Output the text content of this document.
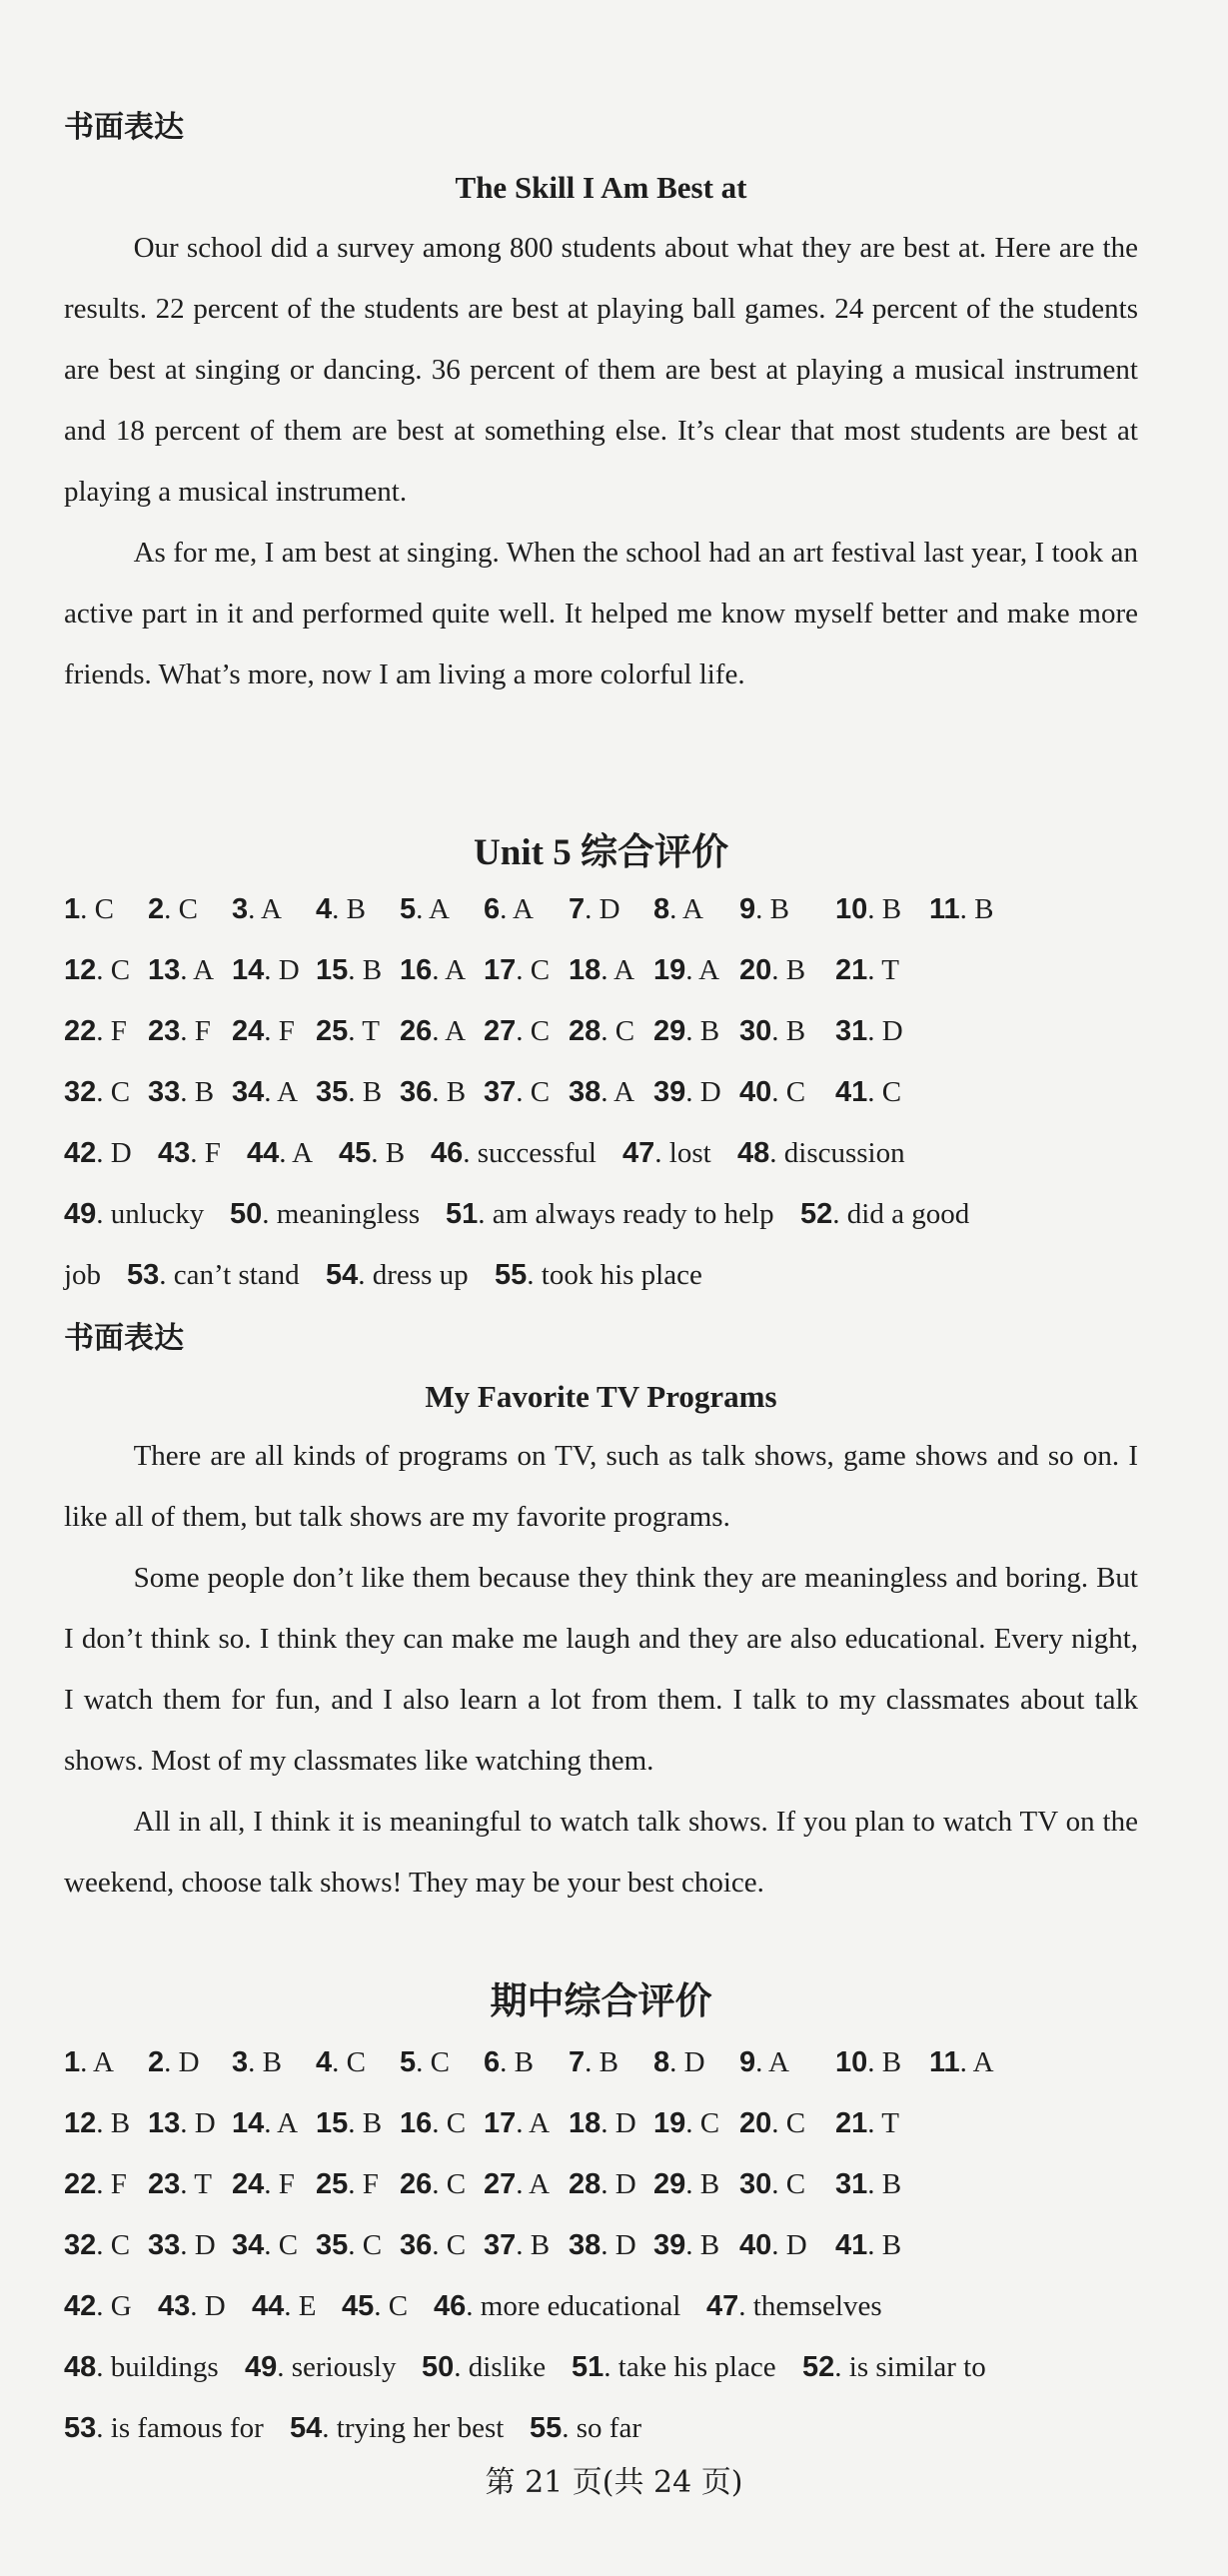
书面表达
The Skill I Am Best at

Our school did a survey among 800 students about what they are best at. Here are the results. 22 percent of the students are best at playing ball games. 24 percent of the students are best at singing or dancing. 36 percent of them are best at playing a musical instrument and 18 percent of them are best at something else. It’s clear that most students are best at playing a musical instrument.

As for me, I am best at singing. When the school had an art festival last year, I took an active part in it and performed quite well. It helped me know myself better and make more friends. What’s more, now I am living a more colorful life.

Unit 5 综合评价
1. C 2. C 3. A 4. B 5. A 6. A 7. D 8. A 9. B 10. B 11. B
12. C 13. A 14. D 15. B 16. A 17. C 18. A 19. A 20. B 21. T
22. F 23. F 24. F 25. T 26. A 27. C 28. C 29. B 30. B 31. D
32. C 33. B 34. A 35. B 36. B 37. C 38. A 39. D 40. C 41. C
42. D 43. F 44. A 45. B 46. successful 47. lost 48. discussion
49. unlucky 50. meaningless 51. am always ready to help 52. did a good
job 53. can’t stand 54. dress up 55. took his place
书面表达
My Favorite TV Programs

There are all kinds of programs on TV, such as talk shows, game shows and so on. I like all of them, but talk shows are my favorite programs.

Some people don’t like them because they think they are meaningless and boring. But I don’t think so. I think they can make me laugh and they are also educational. Every night, I watch them for fun, and I also learn a lot from them. I talk to my classmates about talk shows. Most of my classmates like watching them.

All in all, I think it is meaningful to watch talk shows. If you plan to watch TV on the weekend, choose talk shows! They may be your best choice.

期中综合评价
1. A 2. D 3. B 4. C 5. C 6. B 7. B 8. D 9. A 10. B 11. A
12. B 13. D 14. A 15. B 16. C 17. A 18. D 19. C 20. C 21. T
22. F 23. T 24. F 25. F 26. C 27. A 28. D 29. B 30. C 31. B
32. C 33. D 34. C 35. C 36. C 37. B 38. D 39. B 40. D 41. B
42. G 43. D 44. E 45. C 46. more educational 47. themselves
48. buildings 49. seriously 50. dislike 51. take his place 52. is similar to
53. is famous for 54. trying her best 55. so far
第 21 页(共 24 页)
